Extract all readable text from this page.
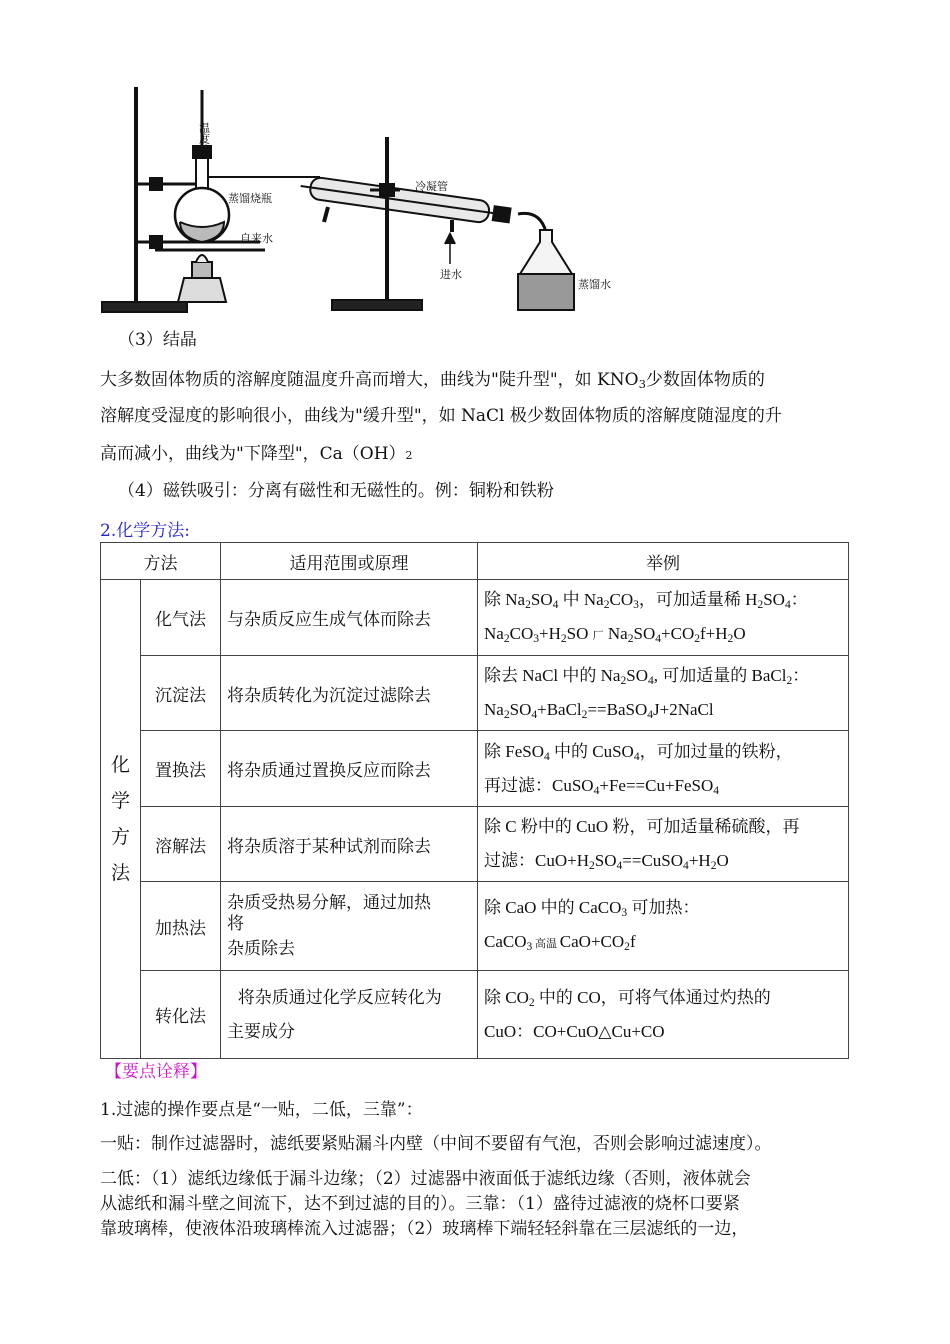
温度计
蒸馏烧瓶
冷凝管
自来水
进水
蒸馏水
（3）结晶
大多数固体物质的溶解度随温度升高而增大，曲线为"陡升型"，如 $KNO_3$少数固体物质的
溶解度受湿度的影响很小，曲线为"缓升型"，如 NaCl 极少数固体物质的溶解度随湿度的升
高而减小，曲线为"下降型"，Ca（OH）2
（4）磁铁吸引：分离有磁性和无磁性的。例：铜粉和铁粉
2.化学方法:
方法		适用范围或原理	举例

化
学
方
法	化气法	与杂质反应生成气体而除去	除 $Na_2SO_4$ 中 $Na_2CO_3$，可加适量稀 $H_2SO_4$：
$Na_2CO_3+H_2SO$ 厂 $Na_2SO_4+CO_2f+H_2O$

	沉淀法	将杂质转化为沉淀过滤除去	除去 NaCl 中的 $Na_2SO_4$, 可加适量的 BaCl$_2$：
$Na_2SO_4+BaCl_2==BaSO_4J+2NaCl$

	置换法	将杂质通过置换反应而除去	除 FeSO$_4$ 中的 CuSO$_4$，可加过量的铁粉，
再过滤：CuSO$_4$+Fe==Cu+FeSO$_4$

	溶解法	将杂质溶于某种试剂而除去	除 C 粉中的 CuO 粉，可加适量稀硫酸，再
过滤：$CuO+H_2SO_4==CuSO_4+H_2O$

	加热法	杂质受热易分解，通过加热
将
杂质除去	除 CaO 中的 CaCO$_3$ 可加热：
CaCO$_3$ 高温 $CaO+CO_2f$

	转化法	将杂质通过化学反应转化为
主要成分	除 $CO_2$ 中的 CO，可将气体通过灼热的
CuO：CO+CuO△Cu+CO
【要点诠释】
1.过滤的操作要点是“一贴，二低，三靠”：
一贴：制作过滤器时，滤纸要紧贴漏斗内壁（中间不要留有气泡，否则会影响过滤速度）。
二低：（1）滤纸边缘低于漏斗边缘；（2）过滤器中液面低于滤纸边缘（否则，液体就会
从滤纸和漏斗壁之间流下，达不到过滤的目的）。三靠：（1）盛待过滤液的烧杯口要紧
靠玻璃棒，使液体沿玻璃棒流入过滤器；（2）玻璃棒下端轻轻斜靠在三层滤纸的一边，
